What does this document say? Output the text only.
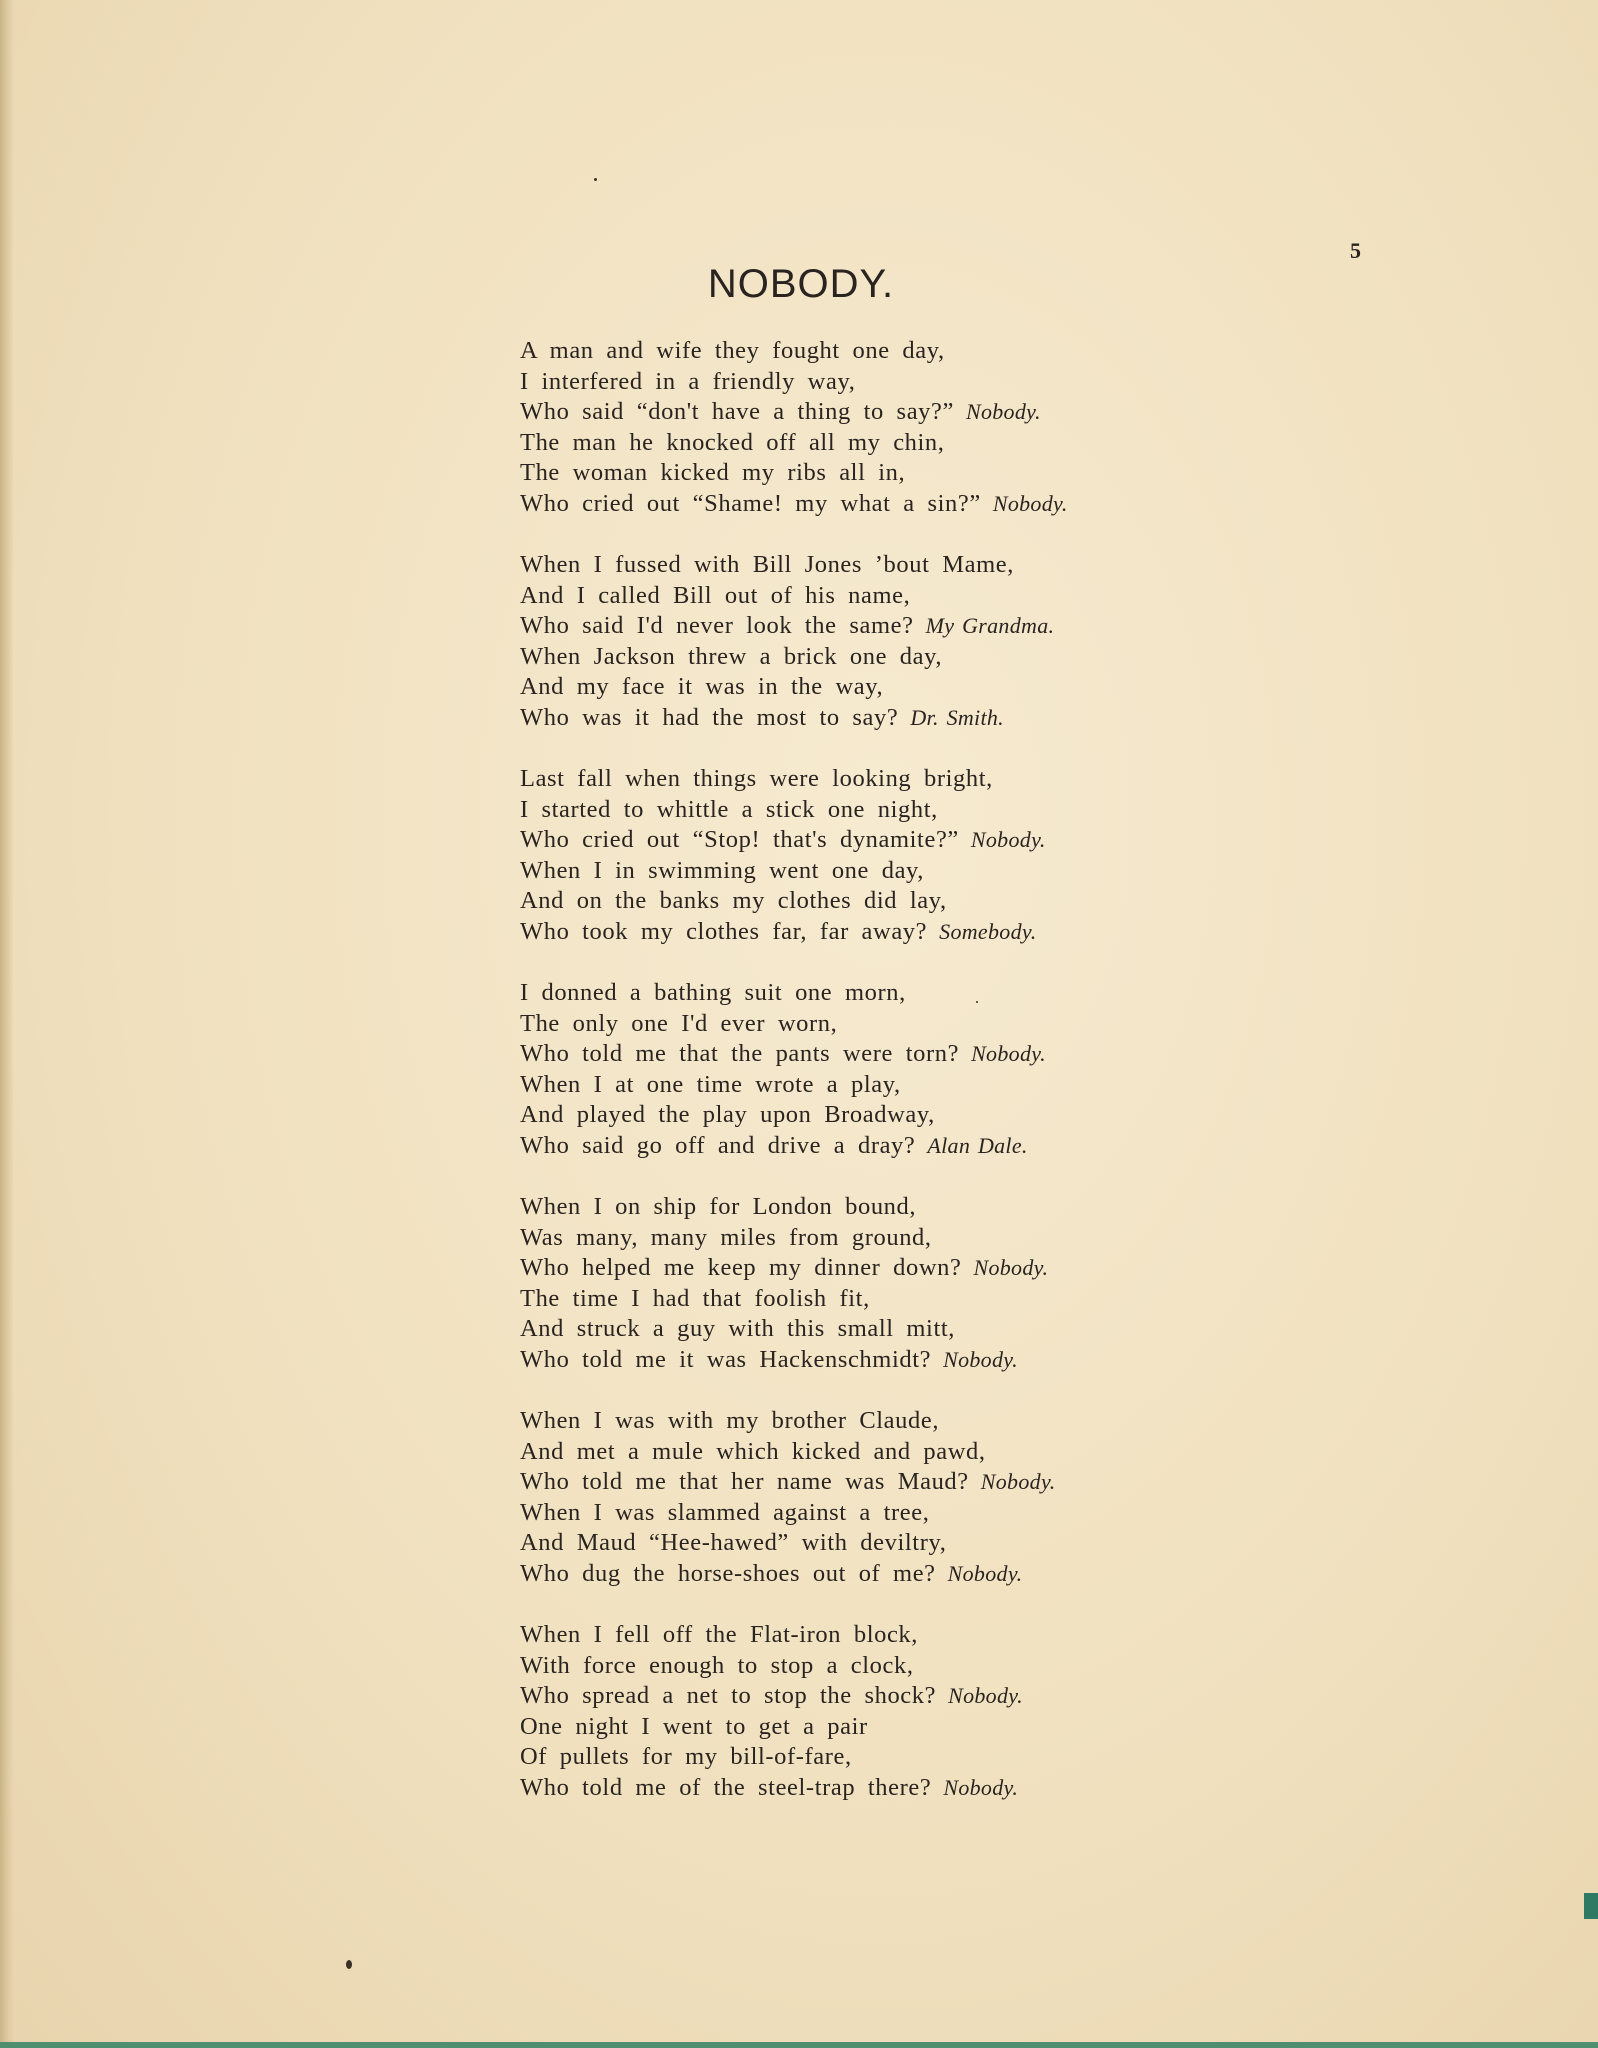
5
NOBODY.
A man and wife they fought one day,
I interfered in a friendly way,
Who said “don't have a thing to say?” Nobody.
The man he knocked off all my chin,
The woman kicked my ribs all in,
Who cried out “Shame! my what a sin?” Nobody.
When I fussed with Bill Jones ’bout Mame,
And I called Bill out of his name,
Who said I'd never look the same? My Grandma.
When Jackson threw a brick one day,
And my face it was in the way,
Who was it had the most to say? Dr. Smith.
Last fall when things were looking bright,
I started to whittle a stick one night,
Who cried out “Stop! that's dynamite?” Nobody.
When I in swimming went one day,
And on the banks my clothes did lay,
Who took my clothes far, far away? Somebody.
I donned a bathing suit one morn,
The only one I'd ever worn,
Who told me that the pants were torn? Nobody.
When I at one time wrote a play,
And played the play upon Broadway,
Who said go off and drive a dray? Alan Dale.
When I on ship for London bound,
Was many, many miles from ground,
Who helped me keep my dinner down? Nobody.
The time I had that foolish fit,
And struck a guy with this small mitt,
Who told me it was Hackenschmidt? Nobody.
When I was with my brother Claude,
And met a mule which kicked and pawd,
Who told me that her name was Maud? Nobody.
When I was slammed against a tree,
And Maud “Hee-hawed” with deviltry,
Who dug the horse-shoes out of me? Nobody.
When I fell off the Flat-iron block,
With force enough to stop a clock,
Who spread a net to stop the shock? Nobody.
One night I went to get a pair
Of pullets for my bill-of-fare,
Who told me of the steel-trap there? Nobody.
